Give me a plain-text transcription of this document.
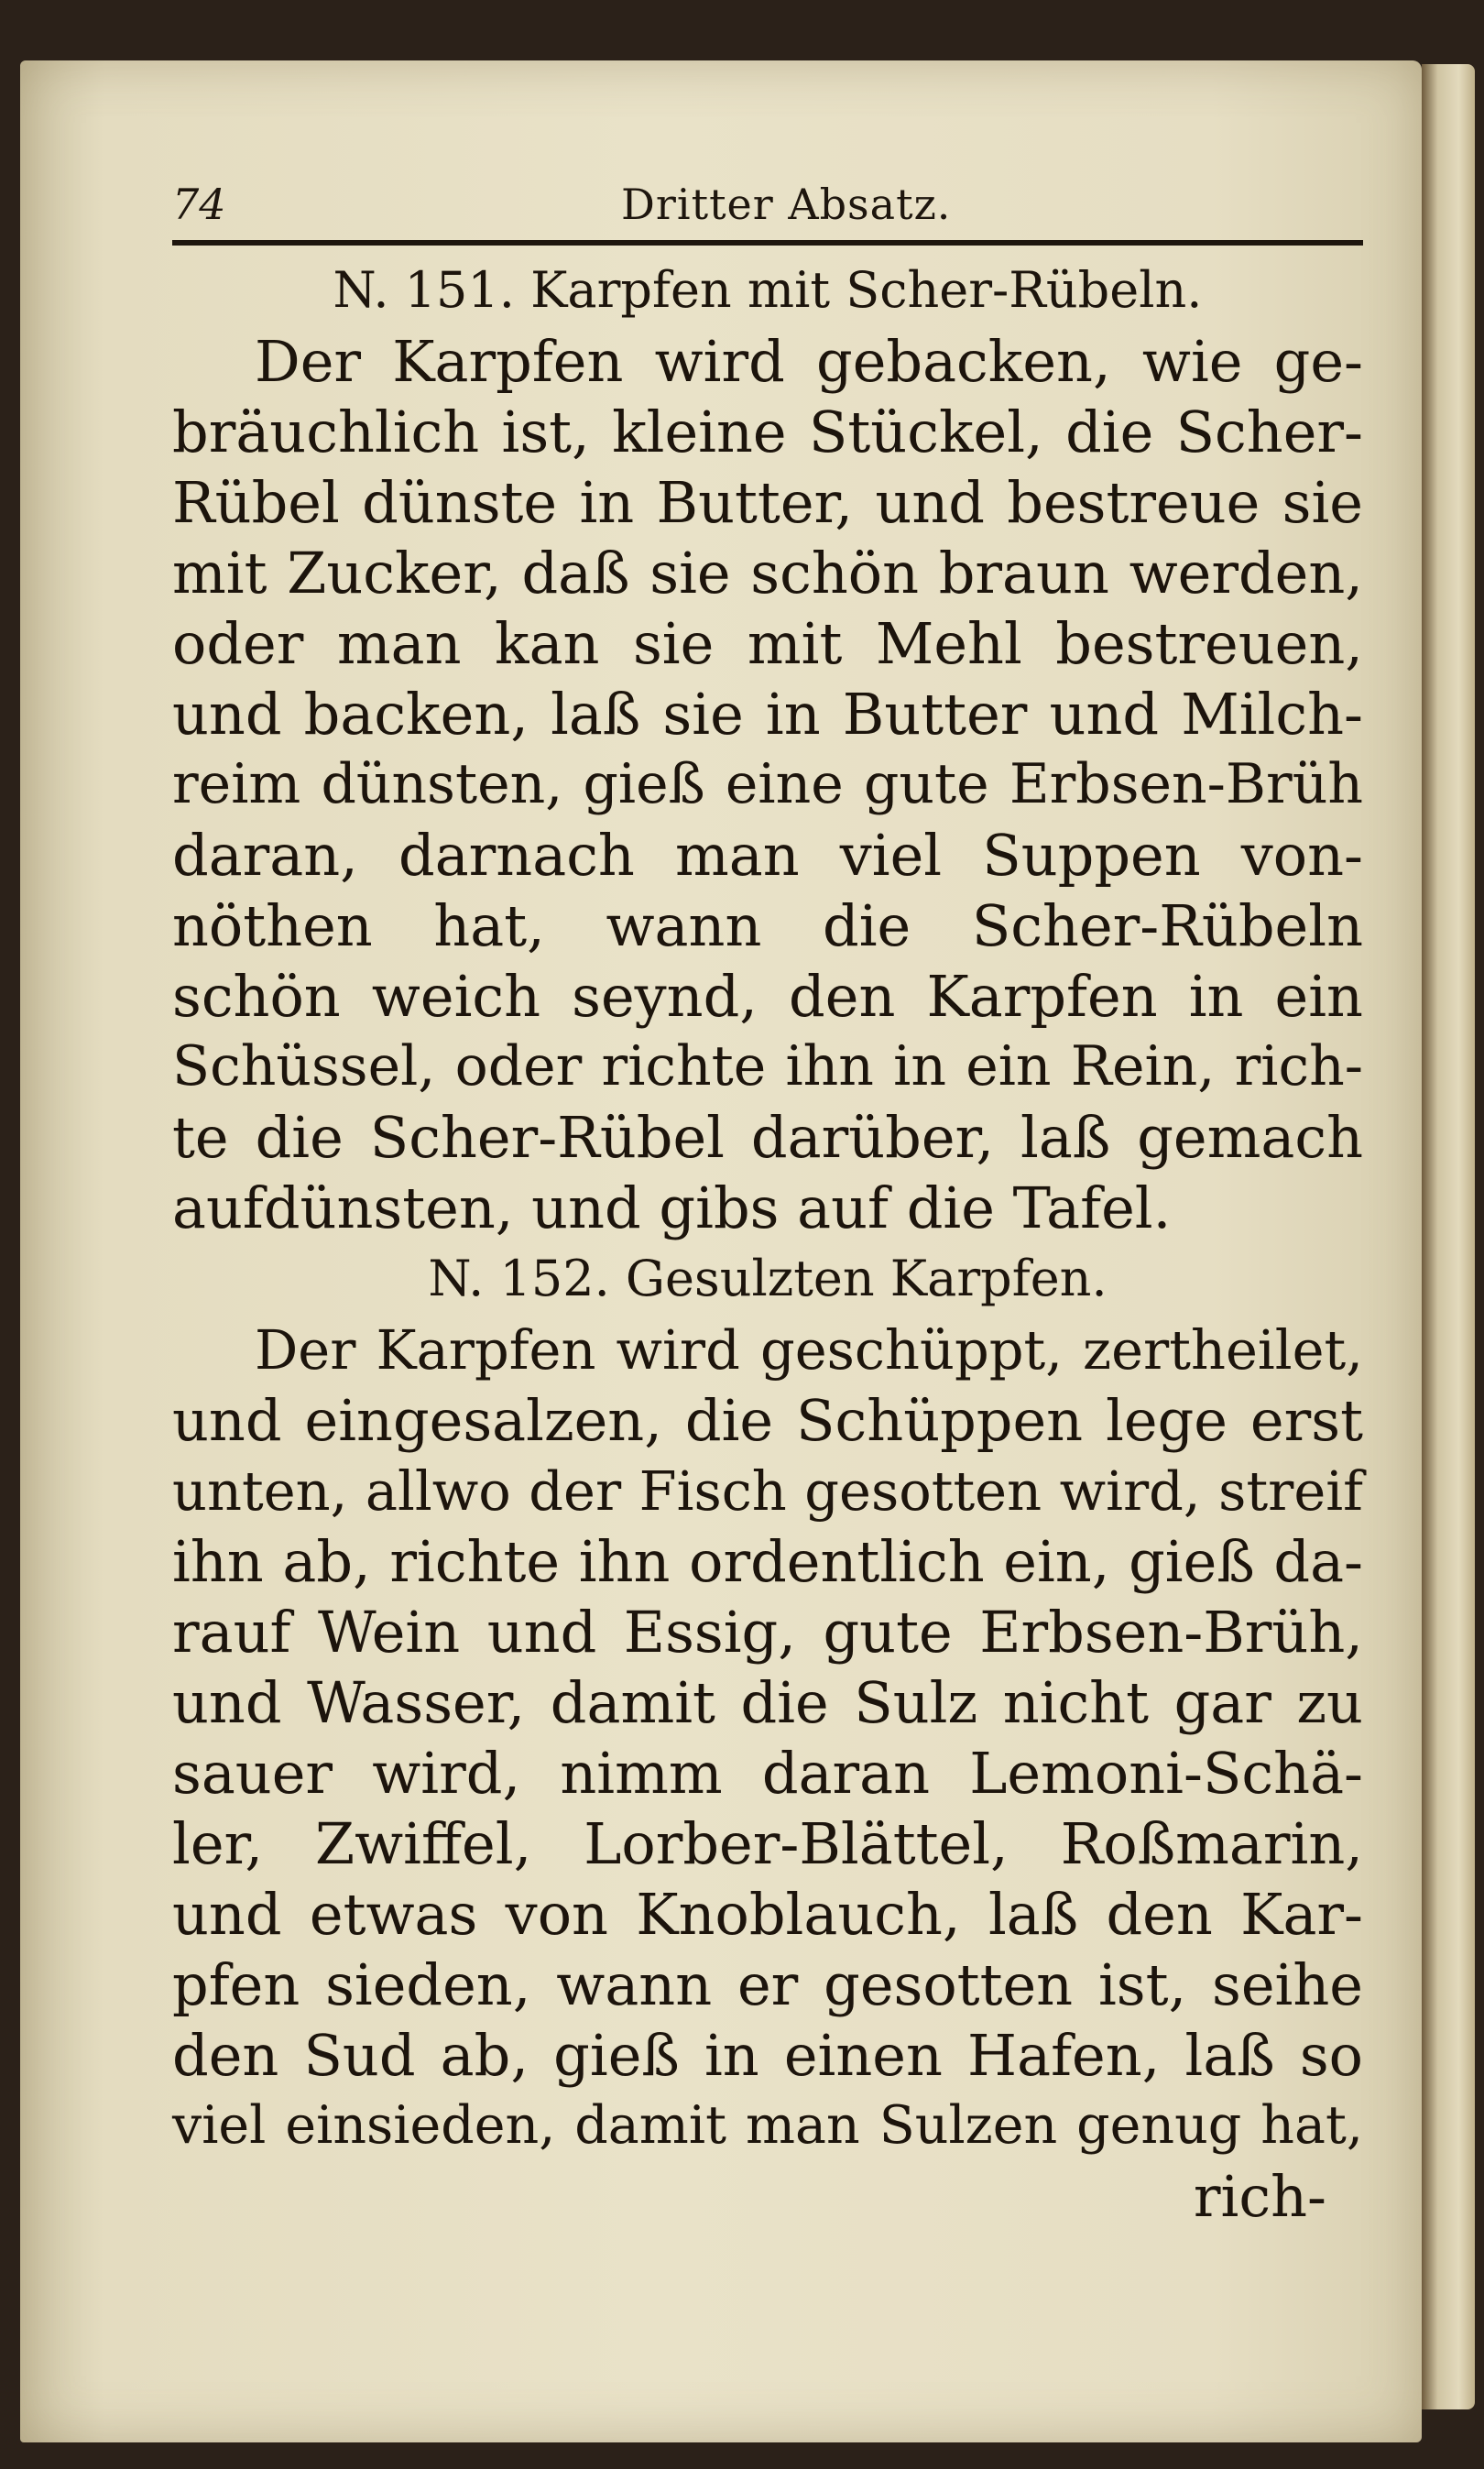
74	Dritter Absatz.
N. 151. Karpfen mit Scher-Rübeln.
Der Karpfen wird gebacken, wie ge-
bräuchlich ist, kleine Stückel, die Scher-
Rübel dünste in Butter, und bestreue sie
mit Zucker, daß sie schön braun werden,
oder man kan sie mit Mehl bestreuen,
und backen, laß sie in Butter und Milch-
reim dünsten, gieß eine gute Erbsen-Brüh
daran, darnach man viel Suppen von-
nöthen hat, wann die Scher-Rübeln
schön weich seynd, den Karpfen in ein
Schüssel, oder richte ihn in ein Rein, rich-
te die Scher-Rübel darüber, laß gemach
aufdünsten, und gibs auf die Tafel.
N. 152. Gesulzten Karpfen.
Der Karpfen wird geschüppt, zertheilet,
und eingesalzen, die Schüppen lege erst
unten, allwo der Fisch gesotten wird, streif
ihn ab, richte ihn ordentlich ein, gieß da-
rauf Wein und Essig, gute Erbsen-Brüh,
und Wasser, damit die Sulz nicht gar zu
sauer wird, nimm daran Lemoni-Schä-
ler, Zwiffel, Lorber-Blättel, Roßmarin,
und etwas von Knoblauch, laß den Kar-
pfen sieden, wann er gesotten ist, seihe
den Sud ab, gieß in einen Hafen, laß so
viel einsieden, damit man Sulzen genug hat,
rich-
